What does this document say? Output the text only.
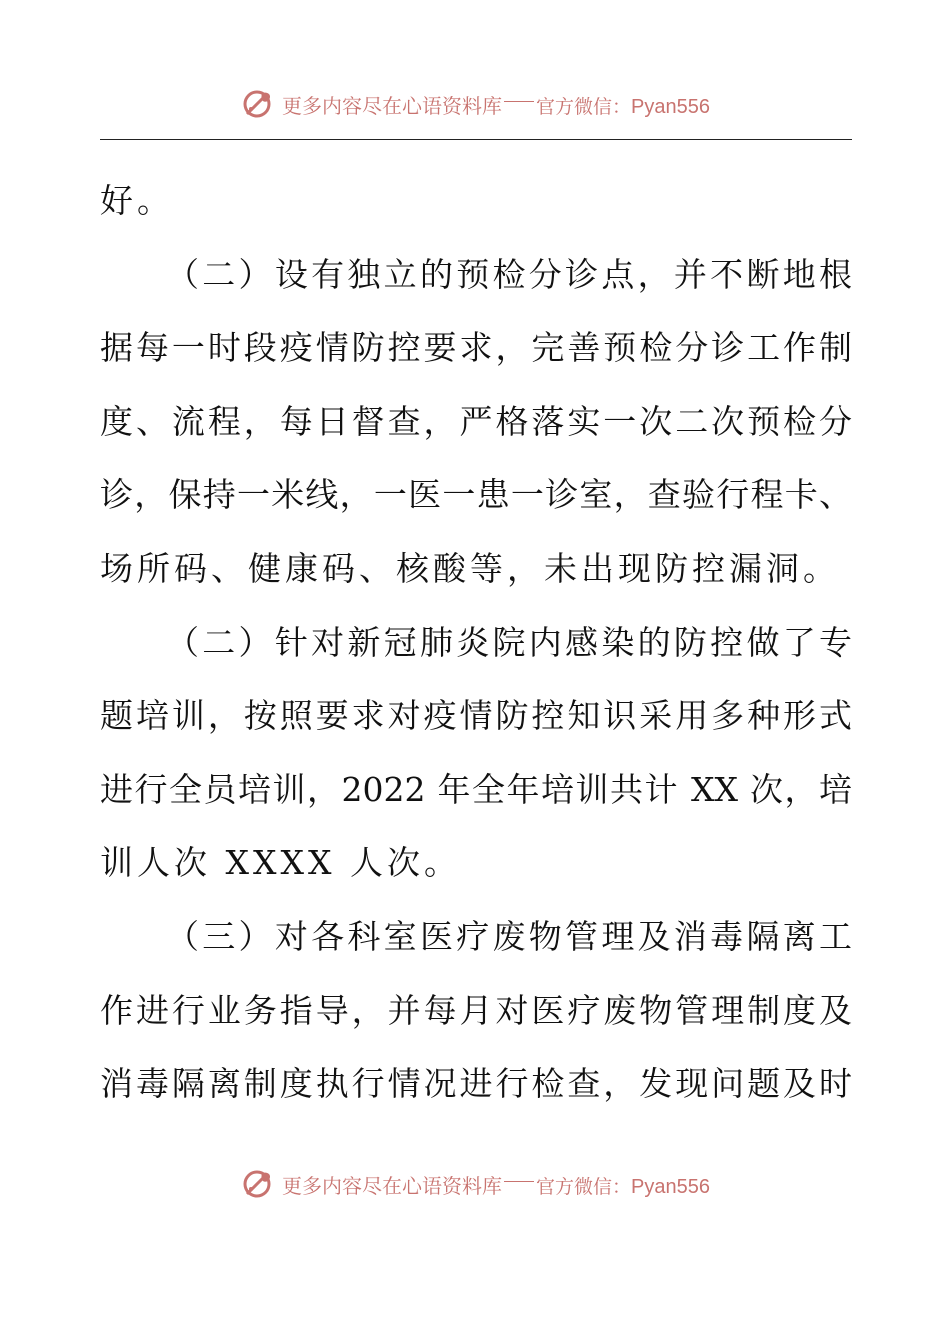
更多内容尽在心语资料库 官方微信： Pyan556
好。
（二）设有独立的预检分诊点，并不断地根
据每一时段疫情防控要求，完善预检分诊工作制
度、流程，每日督查，严格落实一次二次预检分
诊，保持一米线，一医一患一诊室，查验行程卡、
场所码、健康码、核酸等，未出现防控漏洞。
（二）针对新冠肺炎院内感染的防控做了专
题培训，按照要求对疫情防控知识采用多种形式
进行全员培训，2022 年全年培训共计 XX 次，培
训人次 XXXX 人次。
（三）对各科室医疗废物管理及消毒隔离工
作进行业务指导，并每月对医疗废物管理制度及
消毒隔离制度执行情况进行检查，发现问题及时
更多内容尽在心语资料库 官方微信： Pyan556
